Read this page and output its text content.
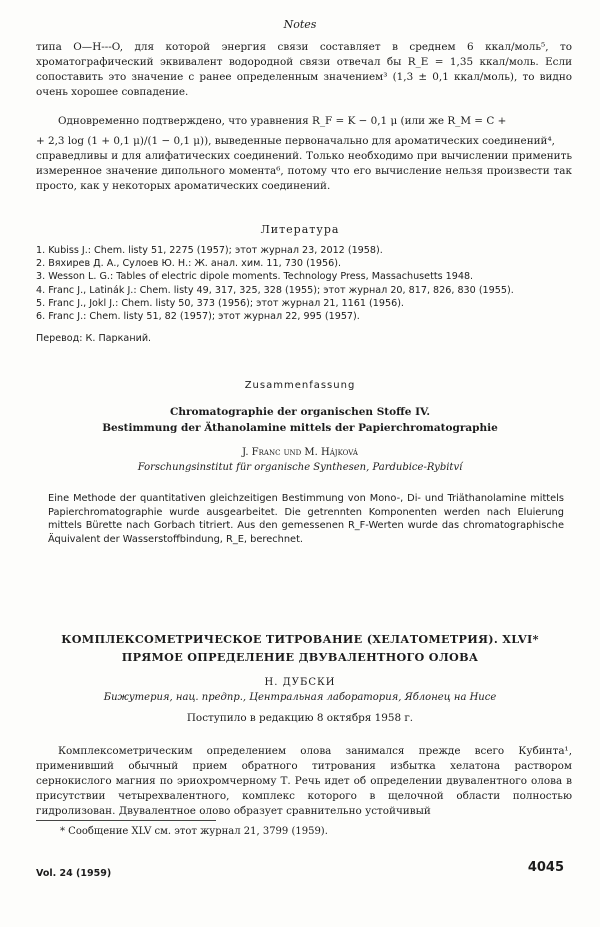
Notes

типа O—H---O, для которой энергия связи составляет в среднем 6 ккал/моль⁵, то хроматографический эквивалент водородной связи отвечал бы R_E = 1,35 ккал/моль. Если сопоставить это значение с ранее определенным значением³ (1,3 ± 0,1 ккал/моль), то видно очень хорошее совпадение.

Одновременно подтверждено, что уравнения R_F = K − 0,1 μ (или же R_M = C +

+ 2,3 log (1 + 0,1 μ)/(1 − 0,1 μ)), выведенные первоначально для ароматических соединений⁴,

справедливы и для алифатических соединений. Только необходимо при вычислении применить измеренное значение дипольного момента⁶, потому что его вычисление нельзя произвести так просто, как у некоторых ароматических соединений.

Литература
1. Kubiss J.: Chem. listy 51, 2275 (1957); этот журнал 23, 2012 (1958).
2. Вяхирев Д. А., Сулоев Ю. Н.: Ж. анал. хим. 11, 730 (1956).
3. Wesson L. G.: Tables of electric dipole moments. Technology Press, Massachusetts 1948.
4. Franc J., Latinák J.: Chem. listy 49, 317, 325, 328 (1955); этот журнал 20, 817, 826, 830 (1955).
5. Franc J., Jokl J.: Chem. listy 50, 373 (1956); этот журнал 21, 1161 (1956).
6. Franc J.: Chem. listy 51, 82 (1957); этот журнал 22, 995 (1957).
Перевод: К. Парканий.
Zusammenfassung
Chromatographie der organischen Stoffe IV.
Bestimmung der Äthanolamine mittels der Papierchromatographie
J. Franc und M. Hájková
Forschungsinstitut für organische Synthesen, Pardubice-Rybitví
Eine Methode der quantitativen gleichzeitigen Bestimmung von Mono-, Di- und Triäthanolamine mittels Papierchromatographie wurde ausgearbeitet. Die getrennten Komponenten werden nach Eluierung mittels Bürette nach Gorbach titriert. Aus den gemessenen R_F-Werten wurde das chromatographische Äquivalent der Wasserstoffbindung, R_E, berechnet.
КОМПЛЕКСОМЕТРИЧЕСКОЕ ТИТРОВАНИЕ (ХЕЛАТОМЕТРИЯ). XLVI*
ПРЯМОЕ ОПРЕДЕЛЕНИЕ ДВУВАЛЕНТНОГО ОЛОВА
Н. ДУБСКИ
Бижутерия, нац. предпр., Центральная лаборатория, Яблонец на Нисе
Поступило в редакцию 8 октября 1958 г.

Комплексометрическим определением олова занимался прежде всего Кубинта¹, применивший обычный прием обратного титрования избытка хелатона раствором сернокислого магния по эриохромчерному Т. Речь идет об определении двувалентного олова в присутствии четырехвалентного, комплекс которого в щелочной области полностью гидролизован. Двувалентное олово образует сравнительно устойчивый

* Сообщение XLV см. этот журнал 21, 3799 (1959).
Vol. 24 (1959)	4045
